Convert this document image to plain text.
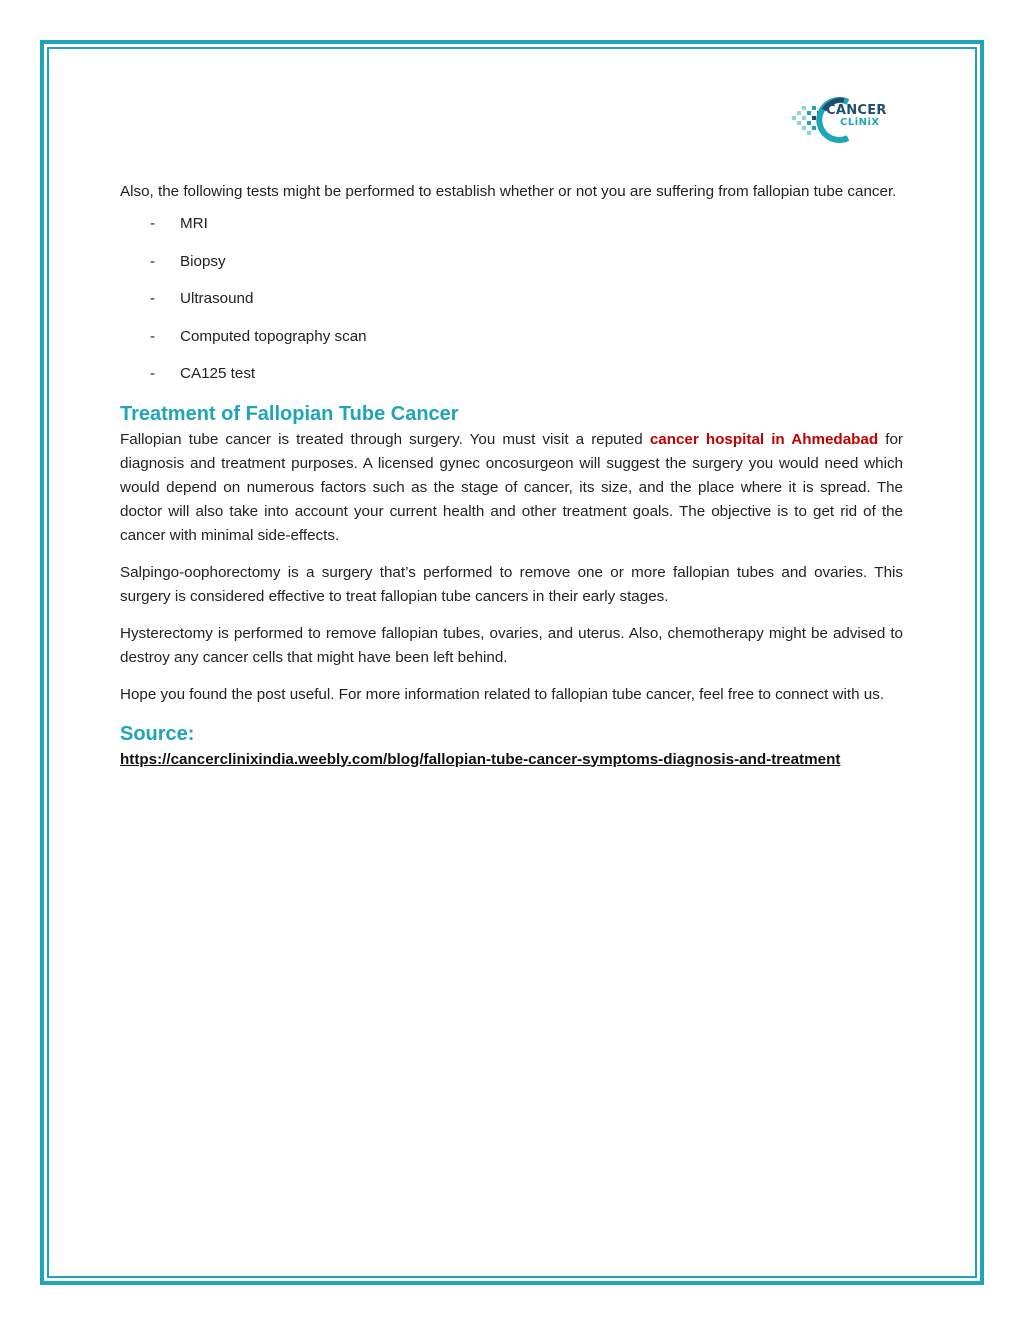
CANCER
CLiNiX

Also, the following tests might be performed to establish whether or not you are suffering from fallopian tube cancer.

- MRI
- Biopsy
- Ultrasound
- Computed topography scan
- CA125 test
Treatment of Fallopian Tube Cancer

Fallopian tube cancer is treated through surgery. You must visit a reputed cancer hospital in Ahmedabad for diagnosis and treatment purposes. A licensed gynec oncosurgeon will suggest the surgery you would need which would depend on numerous factors such as the stage of cancer, its size, and the place where it is spread. The doctor will also take into account your current health and other treatment goals. The objective is to get rid of the cancer with minimal side-effects.

Salpingo-oophorectomy is a surgery that’s performed to remove one or more fallopian tubes and ovaries. This surgery is considered effective to treat fallopian tube cancers in their early stages.

Hysterectomy is performed to remove fallopian tubes, ovaries, and uterus. Also, chemotherapy might be advised to destroy any cancer cells that might have been left behind.

Hope you found the post useful. For more information related to fallopian tube cancer, feel free to connect with us.

Source:
https://cancerclinixindia.weebly.com/blog/fallopian-tube-cancer-symptoms-diagnosis-and-treatment
